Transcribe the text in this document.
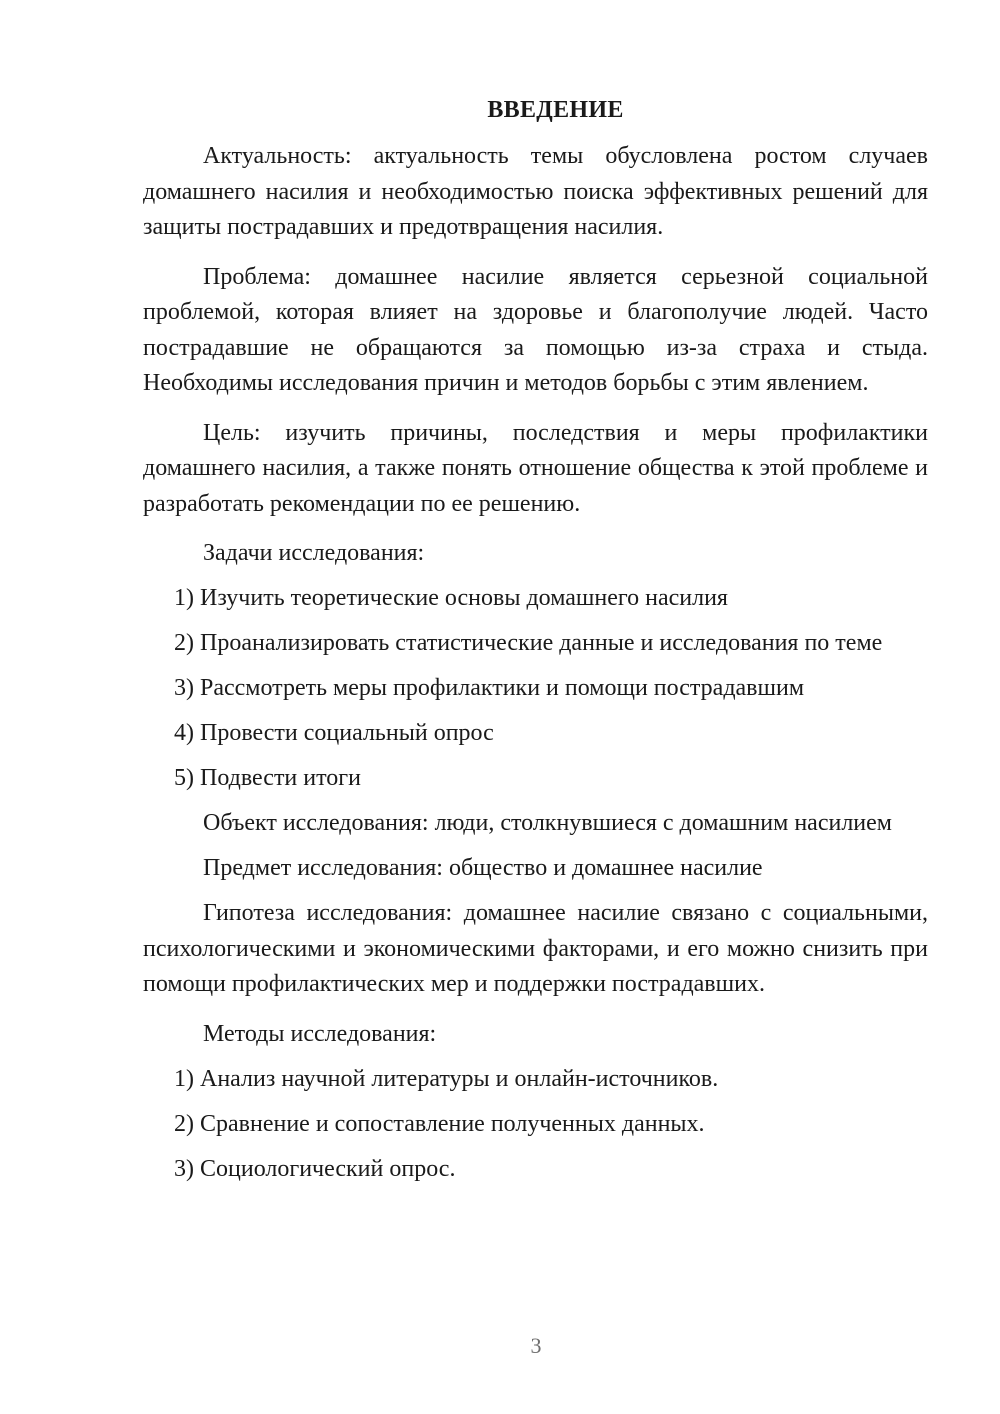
ВВЕДЕНИЕ

Актуальность: актуальность темы обусловлена ростом случаев домашнего насилия и необходимостью поиска эффективных решений для защиты пострадавших и предотвращения насилия.

Проблема: домашнее насилие является серьезной социальной проблемой, которая влияет на здоровье и благополучие людей. Часто пострадавшие не обращаются за помощью из-за страха и стыда. Необходимы исследования причин и методов борьбы с этим явлением.

Цель: изучить причины, последствия и меры профилактики домашнего насилия, а также понять отношение общества к этой проблеме и разработать рекомендации по ее решению.

Задачи исследования:
1) Изучить теоретические основы домашнего насилия
2) Проанализировать статистические данные и исследования по теме
3) Рассмотреть меры профилактики и помощи пострадавшим
4) Провести социальный опрос
5) Подвести итоги
Объект исследования: люди, столкнувшиеся с домашним насилием
Предмет исследования: общество и домашнее насилие

Гипотеза исследования: домашнее насилие связано с социальными, психологическими и экономическими факторами, и его можно снизить при помощи профилактических мер и поддержки пострадавших.

Методы исследования:
1) Анализ научной литературы и онлайн-источников.
2) Сравнение и сопоставление полученных данных.
3) Социологический опрос.
3
